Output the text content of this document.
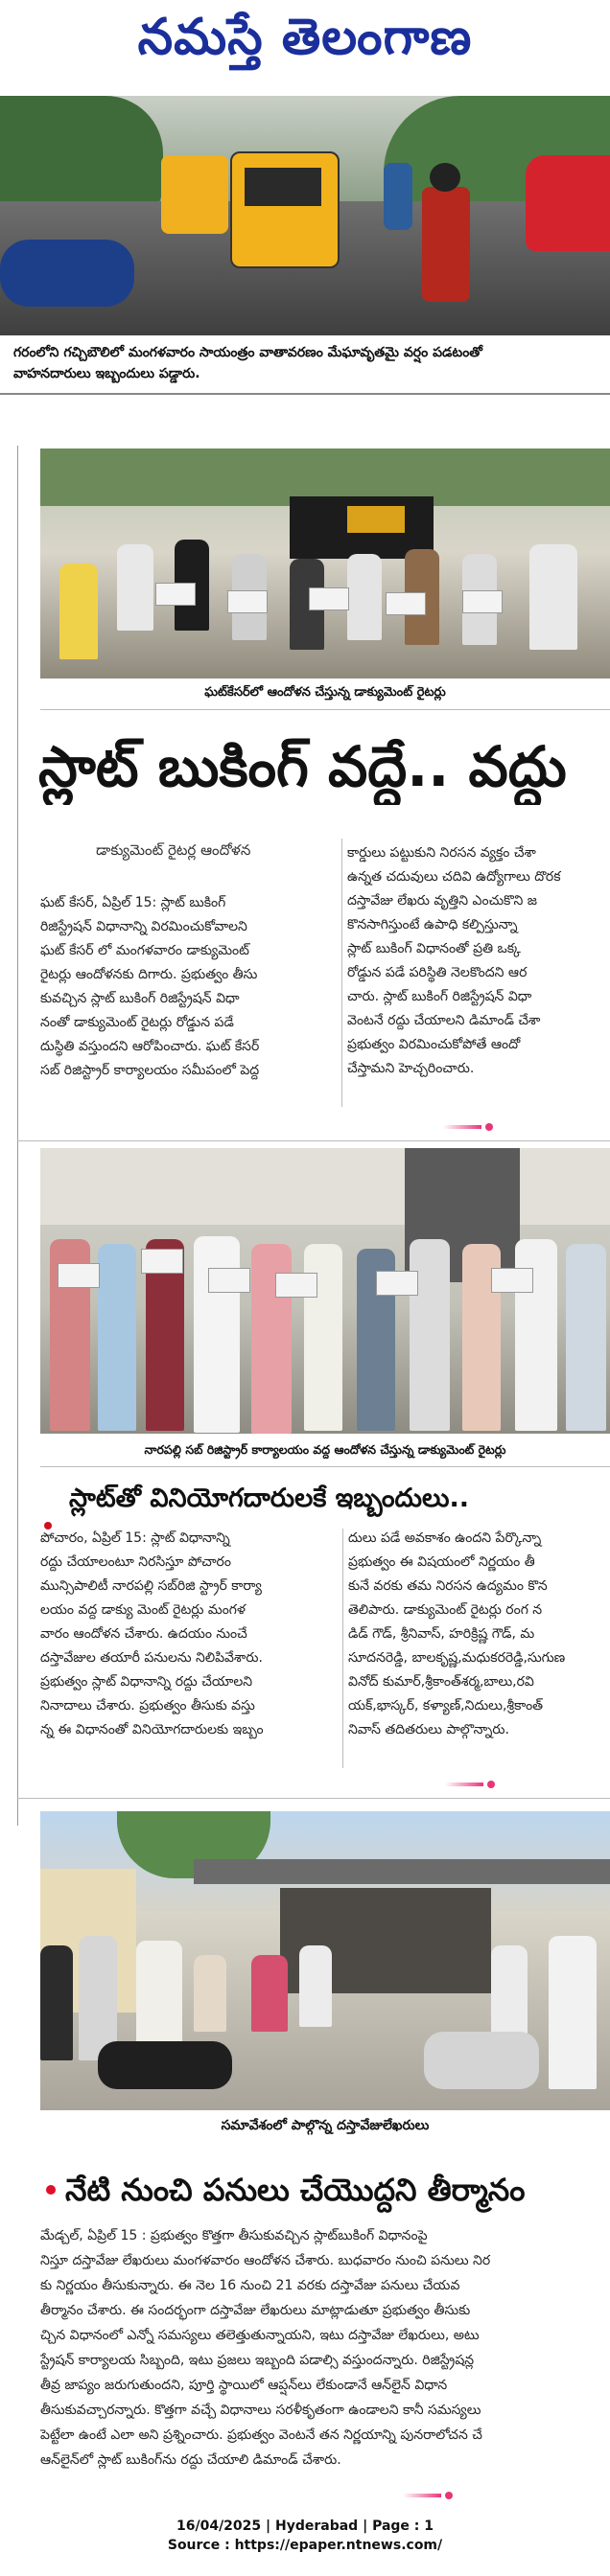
నమస్తే తెలంగాణ
గరంలోని గచ్చిబౌలిలో మంగళవారం సాయంత్రం వాతావరణం మేఘావృతమై వర్షం పడటంతో
వాహనదారులు ఇబ్బందులు పడ్డారు.
ఘట్‌కేసర్‌లో ఆందోళన చేస్తున్న డాక్యుమెంట్ రైటర్లు
స్లాట్ బుకింగ్ వద్దే.. వద్దు
డాక్యుమెంట్ రైటర్ల ఆందోళన

ఘట్ కేసర్, ఏప్రిల్ 15: స్లాట్ బుకింగ్

రిజిస్ట్రేషన్ విధానాన్ని విరమించుకోవాలని

ఘట్ కేసర్ లో మంగళవారం డాక్యుమెంట్

రైటర్లు ఆందోళనకు దిగారు. ప్రభుత్వం తీసు

కువచ్చిన స్లాట్ బుకింగ్ రిజిస్ట్రేషన్ విధా

నంతో డాక్యుమెంట్ రైటర్లు రోడ్డున పడే

దుస్థితి వస్తుందని ఆరోపించారు. ఘట్ కేసర్

సబ్ రిజిస్ట్రార్ కార్యాలయం సమీపంలో పెద్ద

కార్డులు పట్టుకుని నిరసన వ్యక్తం చేశా

ఉన్నత చదువులు చదివి ఉద్యోగాలు దొరక

దస్తావేజు లేఖరు వృత్తిని ఎంచుకొని జ

కొనసాగిస్తుంటే ఉపాధి కల్పిస్తున్నా

స్లాట్ బుకింగ్ విధానంతో ప్రతి ఒక్క

రోడ్డున పడే పరిస్థితి నెలకొందని ఆర

చారు. స్లాట్ బుకింగ్ రిజిస్ట్రేషన్ విధా

వెంటనే రద్దు చేయాలని డిమాండ్ చేశా

ప్రభుత్వం విరమించుకోపోతే ఆందో

చేస్తామని హెచ్చరించారు.

నారపల్లి సబ్ రిజిస్ట్రార్ కార్యాలయం వద్ద ఆందోళన చేస్తున్న డాక్యుమెంట్ రైటర్లు
స్లాట్‌తో వినియోగదారులకే ఇబ్బందులు..

పోచారం, ఏప్రిల్ 15: స్లాట్ విధానాన్ని

రద్దు చేయాలంటూ నిరసిస్తూ పోచారం

మున్సిపాలిటీ నారపల్లి సబ్‌రిజి స్ట్రార్ కార్యా

లయం వద్ద డాక్యు మెంట్ రైటర్లు మంగళ

వారం ఆందోళన చేశారు. ఉదయం నుంచే

దస్తావేజుల తయారీ పనులను నిలిపివేశారు.

ప్రభుత్వం స్లాట్ విధానాన్ని రద్దు చేయాలని

నినాదాలు చేశారు. ప్రభుత్వం తీసుకు వస్తు

న్న ఈ విధానంతో వినియోగదారులకు ఇబ్బం

దులు పడే అవకాశం ఉందని పేర్కొన్నా

ప్రభుత్వం ఈ విషయంలో నిర్ణయం తీ

కునే వరకు తమ నిరసన ఉద్యమం కొన

తెలిపారు. డాక్యుమెంట్ రైటర్లు రంగ న

డిడ్ గౌడ్, శ్రీనివాస్, హరిక్రిష్ణ గౌడ్, మ

సూదనరెడ్డి, బాలకృష్ణ,మధుకరరెడ్డి,సుగుణ

వినోద్ కుమార్,శ్రీకాంత్‌శర్మ,బాలు,రవి

యక్,భాస్కర్, కళ్యాణ్,నిదులు,శ్రీకాంత్

నివాస్ తదితరులు పాల్గొన్నారు.

సమావేశంలో పాల్గొన్న దస్తావేజులేఖరులు
నేటి నుంచి పనులు చేయొద్దని తీర్మానం

మేడ్చల్, ఏప్రిల్ 15 : ప్రభుత్వం కొత్తగా తీసుకువచ్చిన స్లాట్‌బుకింగ్ విధానంపై

నిస్తూ దస్తావేజు లేఖరులు మంగళవారం ఆందోళన చేశారు. బుధవారం నుంచి పనులు నిర

కు నిర్ణయం తీసుకున్నారు. ఈ నెల 16 నుంచి 21 వరకు దస్తావేజు పనులు చేయవ

తీర్మానం చేశారు. ఈ సందర్భంగా దస్తావేజు లేఖరులు మాట్లాడుతూ ప్రభుత్వం తీసుకు

చ్చిన విధానంలో ఎన్నో సమస్యలు తలెత్తుతున్నాయని, ఇటు దస్తావేజు లేఖరులు, అటు

స్ట్రేషన్ కార్యాలయ సిబ్బంది, ఇటు ప్రజలు ఇబ్బంది పడాల్సి వస్తుందన్నారు. రిజిస్ట్రేషన్ల

తీవ్ర జాప్యం జరుగుతుందని, పూర్తి స్థాయిలో ఆప్షన్‌లు లేకుండానే ఆన్‌లైన్ విధాన

తీసుకువచ్చారన్నారు. కొత్తగా వచ్చే విధానాలు సరళీకృతంగా ఉండాలని కానీ సమస్యలు

పెట్టేలా ఉంటే ఎలా అని ప్రశ్నించారు. ప్రభుత్వం వెంటనే తన నిర్ణయాన్ని పునరాలోచన చే

ఆన్‌లైన్‌లో స్లాట్ బుకింగ్‌ను రద్దు చేయాలి డిమాండ్ చేశారు.

16/04/2025 | Hyderabad | Page : 1
Source : https://epaper.ntnews.com/
